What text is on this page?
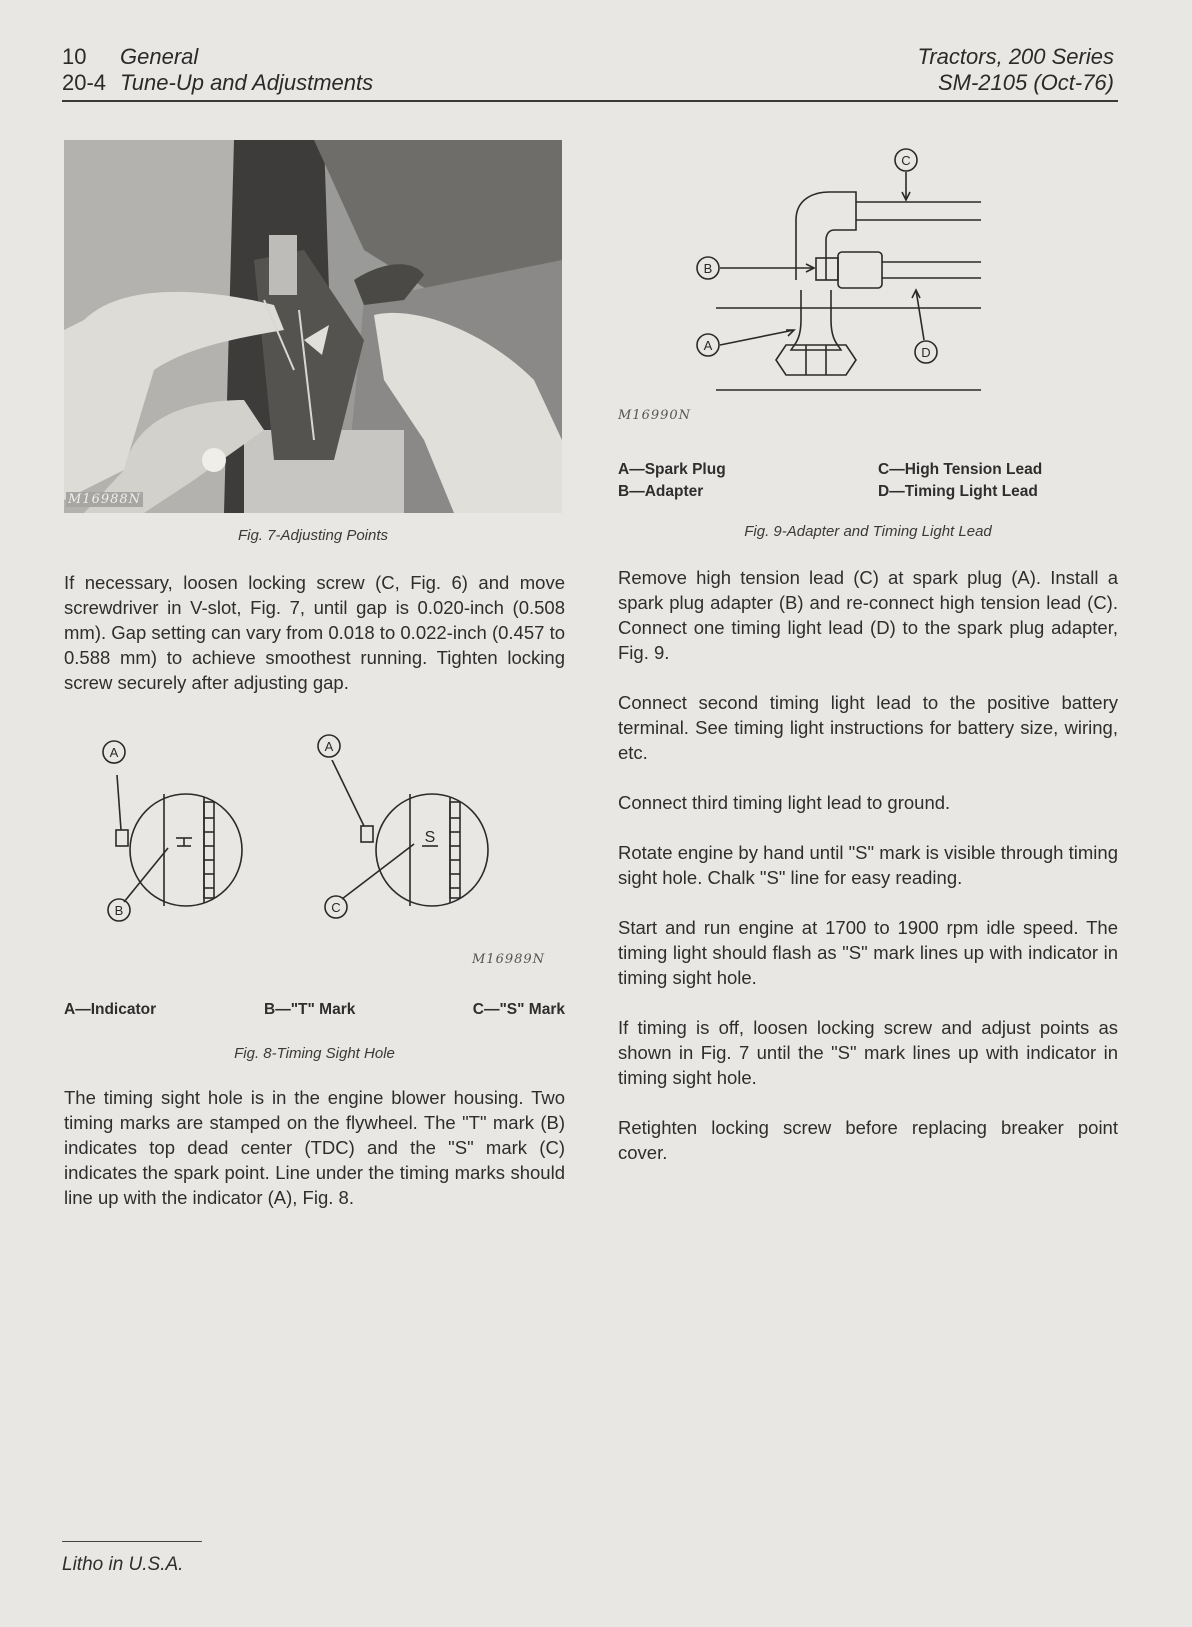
10 General
20-4 Tune-Up and Adjustments
Tractors, 200 Series
SM-2105 (Oct-76)
M16988N
Fig. 7-Adjusting Points
If necessary, loosen locking screw (C, Fig. 6) and move screwdriver in V-slot, Fig. 7, until gap is 0.020-inch (0.508 mm). Gap setting can vary from 0.018 to 0.022-inch (0.457 to 0.588 mm) to achieve smoothest running. Tighten locking screw securely after adjusting gap.
B	C
S
A	A
M16989N
A—Indicator	B—"T" Mark	C—"S" Mark
Fig. 8-Timing Sight Hole
The timing sight hole is in the engine blower housing. Two timing marks are stamped on the flywheel. The "T" mark (B) indicates top dead center (TDC) and the "S" mark (C) indicates the spark point. Line under the timing marks should line up with the indicator (A), Fig. 8.
C
B
A	D
M16990N
A—Spark Plug
B—Adapter
C—High Tension Lead
D—Timing Light Lead
Fig. 9-Adapter and Timing Light Lead

Remove high tension lead (C) at spark plug (A). Install a spark plug adapter (B) and re-connect high tension lead (C). Connect one timing light lead (D) to the spark plug adapter, Fig. 9.

Connect second timing light lead to the positive battery terminal. See timing light instructions for battery size, wiring, etc.

Connect third timing light lead to ground.

Rotate engine by hand until "S" mark is visible through timing sight hole. Chalk "S" line for easy reading.

Start and run engine at 1700 to 1900 rpm idle speed. The timing light should flash as "S" mark lines up with indicator in timing sight hole.

If timing is off, loosen locking screw and adjust points as shown in Fig. 7 until the "S" mark lines up with indicator in timing sight hole.

Retighten locking screw before replacing breaker point cover.

Litho in U.S.A.
